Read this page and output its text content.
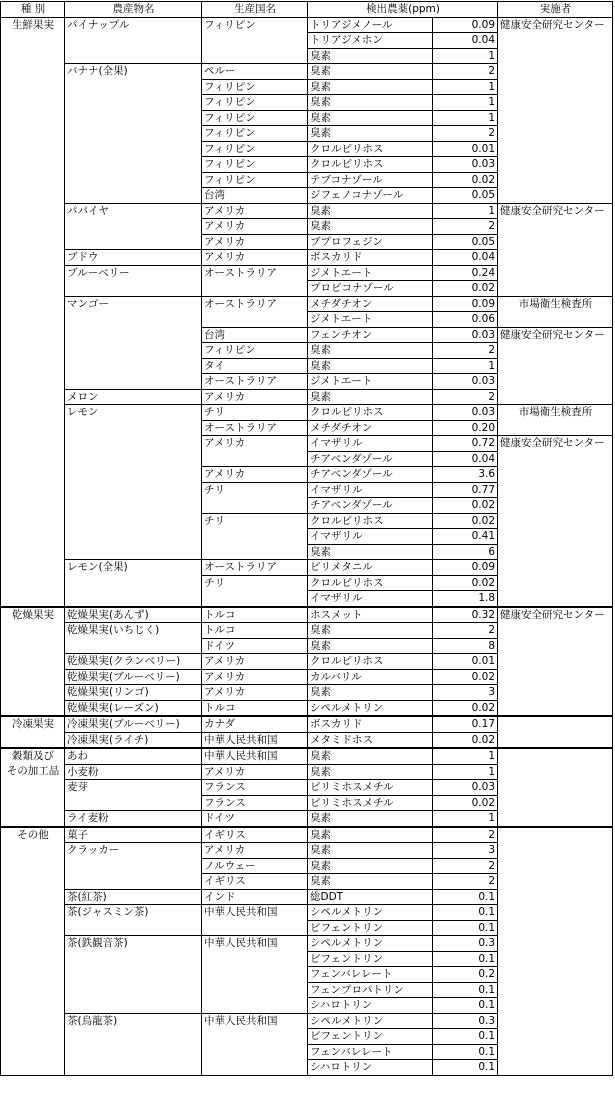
種 別	農産物名	生産国名	検出農薬(ppm)		実施者
生鮮果実	パイナップル	フィリピン	トリアジメノール	0.09	健康安全研究センター
			トリアジメホン	0.04	
			臭素	1	
	バナナ(全果)	ペルー	臭素	2	
		フィリピン	臭素	1	
		フィリピン	臭素	1	
		フィリピン	臭素	1	
		フィリピン	臭素	2	
		フィリピン	クロルピリホス	0.01	
		フィリピン	クロルピリホス	0.03	
		フィリピン	テブコナゾール	0.02	
		台湾	ジフェノコナゾール	0.05	
	パパイヤ	アメリカ	臭素	1	健康安全研究センター
		アメリカ	臭素	2	
		アメリカ	ブプロフェジン	0.05	
	ブドウ	アメリカ	ボスカリド	0.04	
	ブルーベリー	オーストラリア	ジメトエート	0.24	
			プロピコナゾール	0.02	
	マンゴー	オーストラリア	メチダチオン	0.09	市場衛生検査所
			ジメトエート	0.06	
		台湾	フェンチオン	0.03	健康安全研究センター
		フィリピン	臭素	2	
		タイ	臭素	1	
		オーストラリア	ジメトエート	0.03	
	メロン	アメリカ	臭素	2	
	レモン	チリ	クロルピリホス	0.03	市場衛生検査所
		オーストラリア	メチダチオン	0.20	
		アメリカ	イマザリル	0.72	健康安全研究センター
			チアベンダゾール	0.04	
		アメリカ	チアベンダゾール	3.6	
		チリ	イマザリル	0.77	
			チアベンダゾール	0.02	
		チリ	クロルピリホス	0.02	
			イマザリル	0.41	
			臭素	6	
	レモン(全果)	オーストラリア	ピリメタニル	0.09	
		チリ	クロルピリホス	0.02	
			イマザリル	1.8	
乾燥果実	乾燥果実(あんず)	トルコ	ホスメット	0.32	健康安全研究センター
	乾燥果実(いちじく)	トルコ	臭素	2	
		ドイツ	臭素	8	
	乾燥果実(クランベリー)	アメリカ	クロルピリホス	0.01	
	乾燥果実(ブルーベリー)	アメリカ	カルバリル	0.02	
	乾燥果実(リンゴ)	アメリカ	臭素	3	
	乾燥果実(レーズン)	トルコ	シペルメトリン	0.02	
冷凍果実	冷凍果実(ブルーベリー)	カナダ	ボスカリド	0.17	
	冷凍果実(ライチ)	中華人民共和国	メタミドホス	0.02	
穀類及び	あわ	中華人民共和国	臭素	1	
その加工品	小麦粉	アメリカ	臭素	1	
	麦芽	フランス	ピリミホスメチル	0.03	
		フランス	ピリミホスメチル	0.02	
	ライ麦粉	ドイツ	臭素	1	
その他	菓子	イギリス	臭素	2	
	クラッカー	アメリカ	臭素	3	
		ノルウェー	臭素	2	
		イギリス	臭素	2	
	茶(紅茶)	インド	総DDT	0.1	
	茶(ジャスミン茶)	中華人民共和国	シペルメトリン	0.1	
			ビフェントリン	0.1	
	茶(鉄観音茶)	中華人民共和国	シペルメトリン	0.3	
			ビフェントリン	0.1	
			フェンバレレート	0.2	
			フェンプロパトリン	0.1	
			シハロトリン	0.1	
	茶(烏龍茶)	中華人民共和国	シペルメトリン	0.3	
			ビフェントリン	0.1	
			フェンバレレート	0.1	
			シハロトリン	0.1	
